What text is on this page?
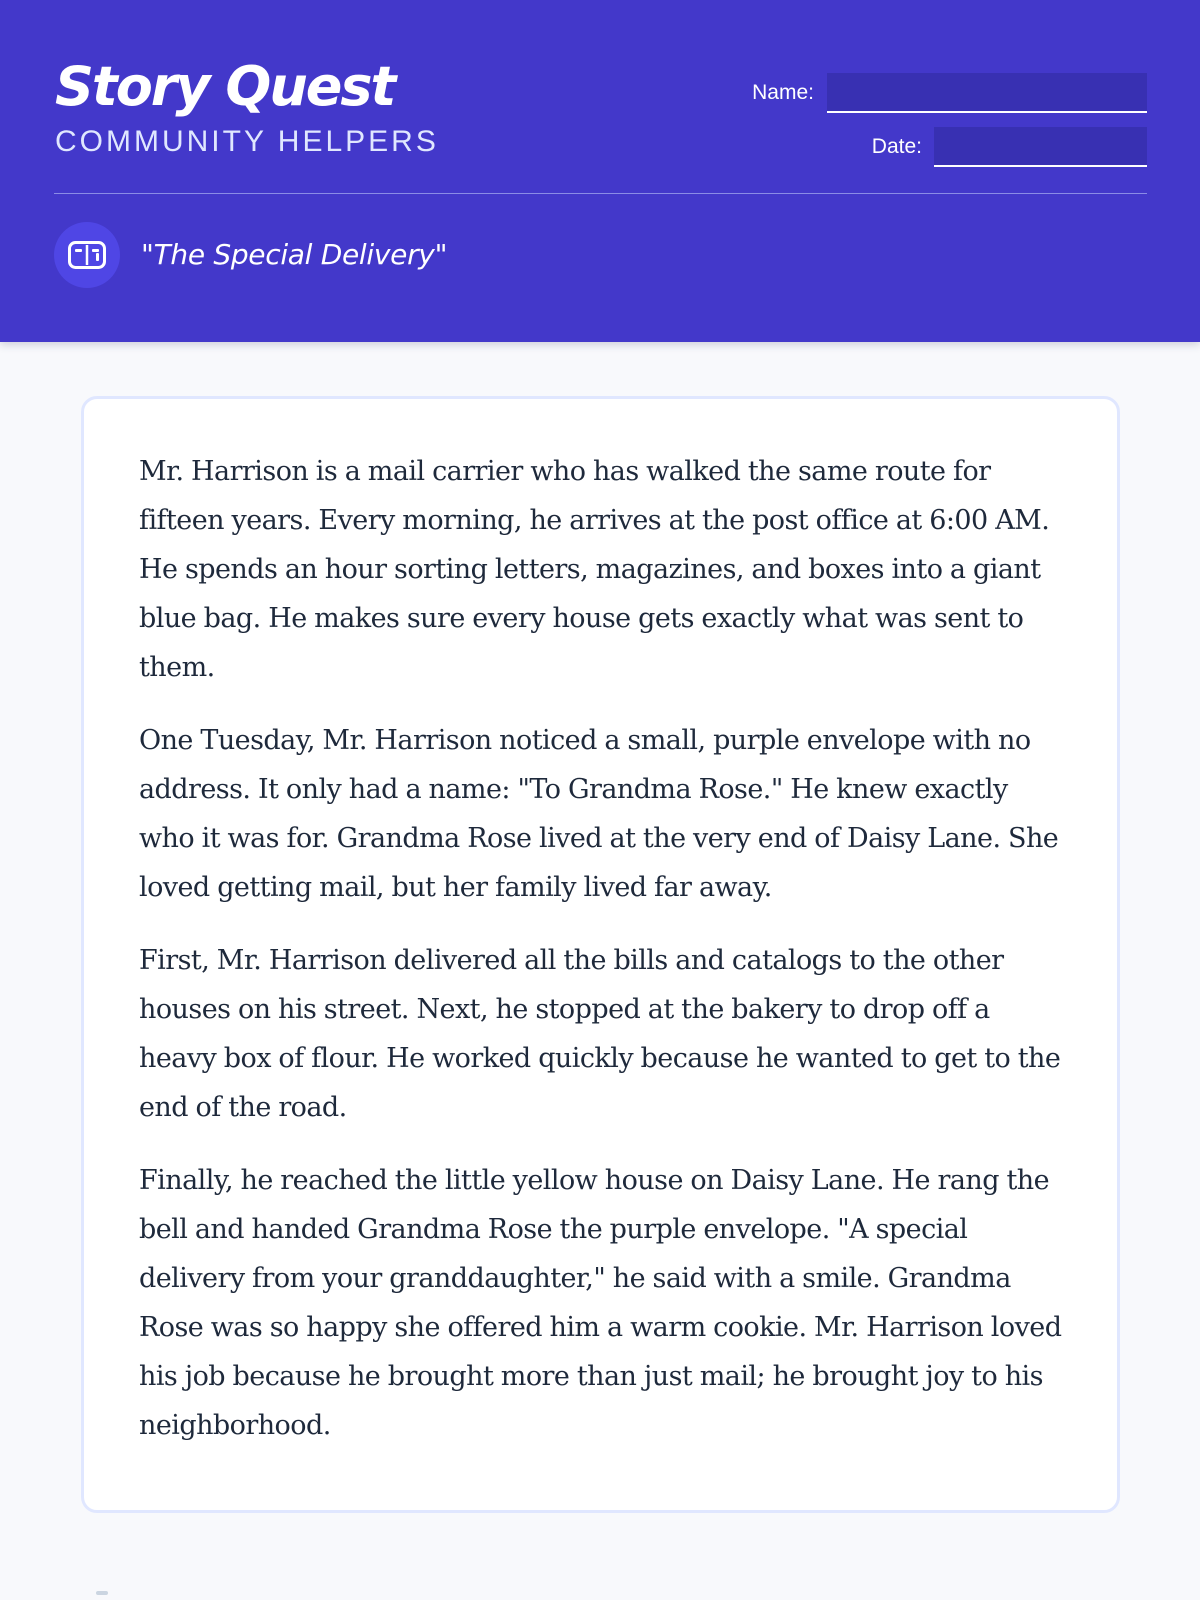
Story Quest
COMMUNITY HELPERS
Name:
Date:
"The Special Delivery"

Mr. Harrison is a mail carrier who has walked the same route for fifteen years. Every morning, he arrives at the post office at 6:00 AM. He spends an hour sorting letters, magazines, and boxes into a giant blue bag. He makes sure every house gets exactly what was sent to them.

One Tuesday, Mr. Harrison noticed a small, purple envelope with no address. It only had a name: "To Grandma Rose." He knew exactly who it was for. Grandma Rose lived at the very end of Daisy Lane. She loved getting mail, but her family lived far away.

First, Mr. Harrison delivered all the bills and catalogs to the other houses on his street. Next, he stopped at the bakery to drop off a heavy box of flour. He worked quickly because he wanted to get to the end of the road.

Finally, he reached the little yellow house on Daisy Lane. He rang the bell and handed Grandma Rose the purple envelope. "A special delivery from your granddaughter," he said with a smile. Grandma Rose was so happy she offered him a warm cookie. Mr. Harrison loved his job because he brought more than just mail; he brought joy to his neighborhood.
